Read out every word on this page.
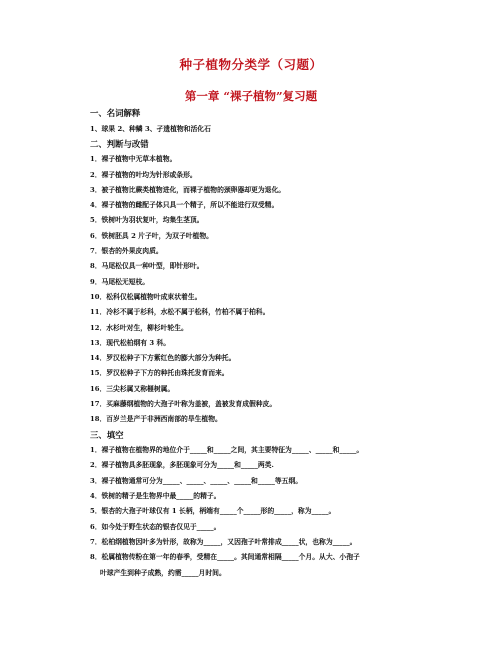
种子植物分类学（习题）
第一章 “裸子植物”复习题
一、名词解释
1、球果 2、种鳞 3、孑遗植物和活化石
二、判断与改错
1．裸子植物中无草本植物。
2．裸子植物的叶均为针形或条形。
3．被子植物比蕨类植物进化，而裸子植物的颈卵器却更为退化。
4．裸子植物的雌配子体只具一个精子，所以不能进行双受精。
5．铁树叶为羽状复叶，均集生茎顶。
6．铁树胚具 2 片子叶，为双子叶植物。
7．银杏的外果皮肉质。
8．马尾松仅具一种叶型，即针形叶。
9．马尾松无短枝。
10．松科仅松属植物叶成束状着生。
11．冷杉不属于杉科，水松不属于松科，竹柏不属于柏科。
12．水杉叶对生，柳杉叶轮生。
13．现代松柏纲有 3 科。
14．罗汉松种子下方紫红色的膨大部分为种托。
15．罗汉松种子下方的种托由珠托发育而来。
16．三尖杉属又称榧树属。
17．买麻藤纲植物的大孢子叶称为盖被，盖被发育成假种皮。
18．百岁兰是产于非洲西南部的旱生植物。
三、填空
1．裸子植物在植物界的地位介于_____和_____之间，其主要特征为_____、_____和_____。
2．裸子植物具多胚现象，多胚现象可分为_____和_____两类.
3．裸子植物通常可分为_____、_____、_____、_____和_____等五纲。
4．铁树的精子是生物界中最_____的精子。
5．银杏的大孢子叶球仅有 1 长柄，柄端有_____个_____形的_____，称为_____。
6．如今处于野生状态的银杏仅见于_____。
7．松柏纲植物因叶多为针形，故称为_____，又因孢子叶常排成_____状，也称为_____。
8．松属植物传粉在第一年的春季，受精在_____。其间通常相隔_____个月。从大、小孢子
叶球产生到种子成熟，约需_____月时间。
